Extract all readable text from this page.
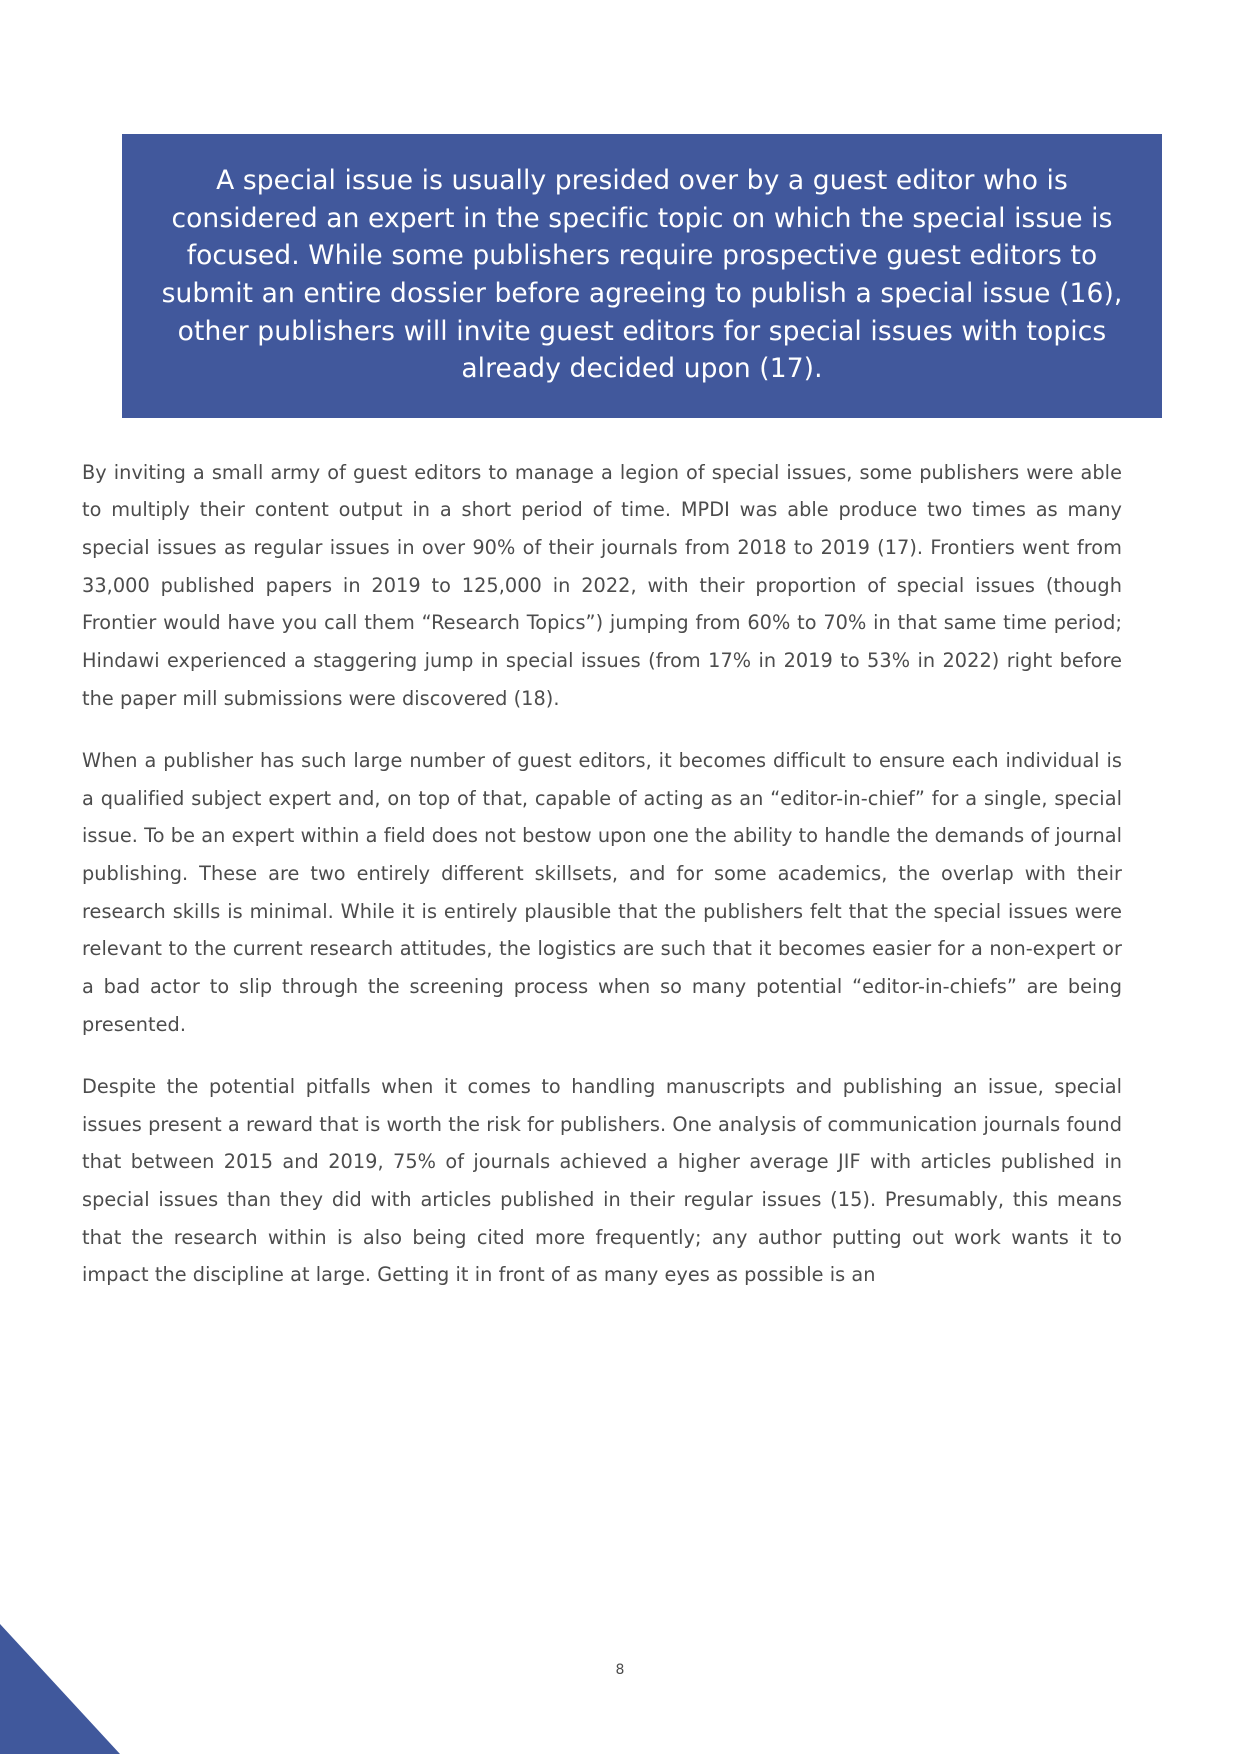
A special issue is usually presided over by a guest editor who is considered an expert in the specific topic on which the special issue is focused. While some publishers require prospective guest editors to submit an entire dossier before agreeing to publish a special issue (16), other publishers will invite guest editors for special issues with topics already decided upon (17).

By inviting a small army of guest editors to manage a legion of special issues, some publishers were able to multiply their content output in a short period of time. MPDI was able produce two times as many special issues as regular issues in over 90% of their journals from 2018 to 2019 (17). Frontiers went from 33,000 published papers in 2019 to 125,000 in 2022, with their proportion of special issues (though Frontier would have you call them “Research Topics”) jumping from 60% to 70% in that same time period; Hindawi experienced a staggering jump in special issues (from 17% in 2019 to 53% in 2022) right before the paper mill submissions were discovered (18).

When a publisher has such large number of guest editors, it becomes difficult to ensure each individual is a qualified subject expert and, on top of that, capable of acting as an “editor-in-chief” for a single, special issue. To be an expert within a field does not bestow upon one the ability to handle the demands of journal publishing. These are two entirely different skillsets, and for some academics, the overlap with their research skills is minimal. While it is entirely plausible that the publishers felt that the special issues were relevant to the current research attitudes, the logistics are such that it becomes easier for a non-expert or a bad actor to slip through the screening process when so many potential “editor-in-chiefs” are being presented.

Despite the potential pitfalls when it comes to handling manuscripts and publishing an issue, special issues present a reward that is worth the risk for publishers. One analysis of communication journals found that between 2015 and 2019, 75% of journals achieved a higher average JIF with articles published in special issues than they did with articles published in their regular issues (15). Presumably, this means that the research within is also being cited more frequently; any author putting out work wants it to impact the discipline at large. Getting it in front of as many eyes as possible is an

8
